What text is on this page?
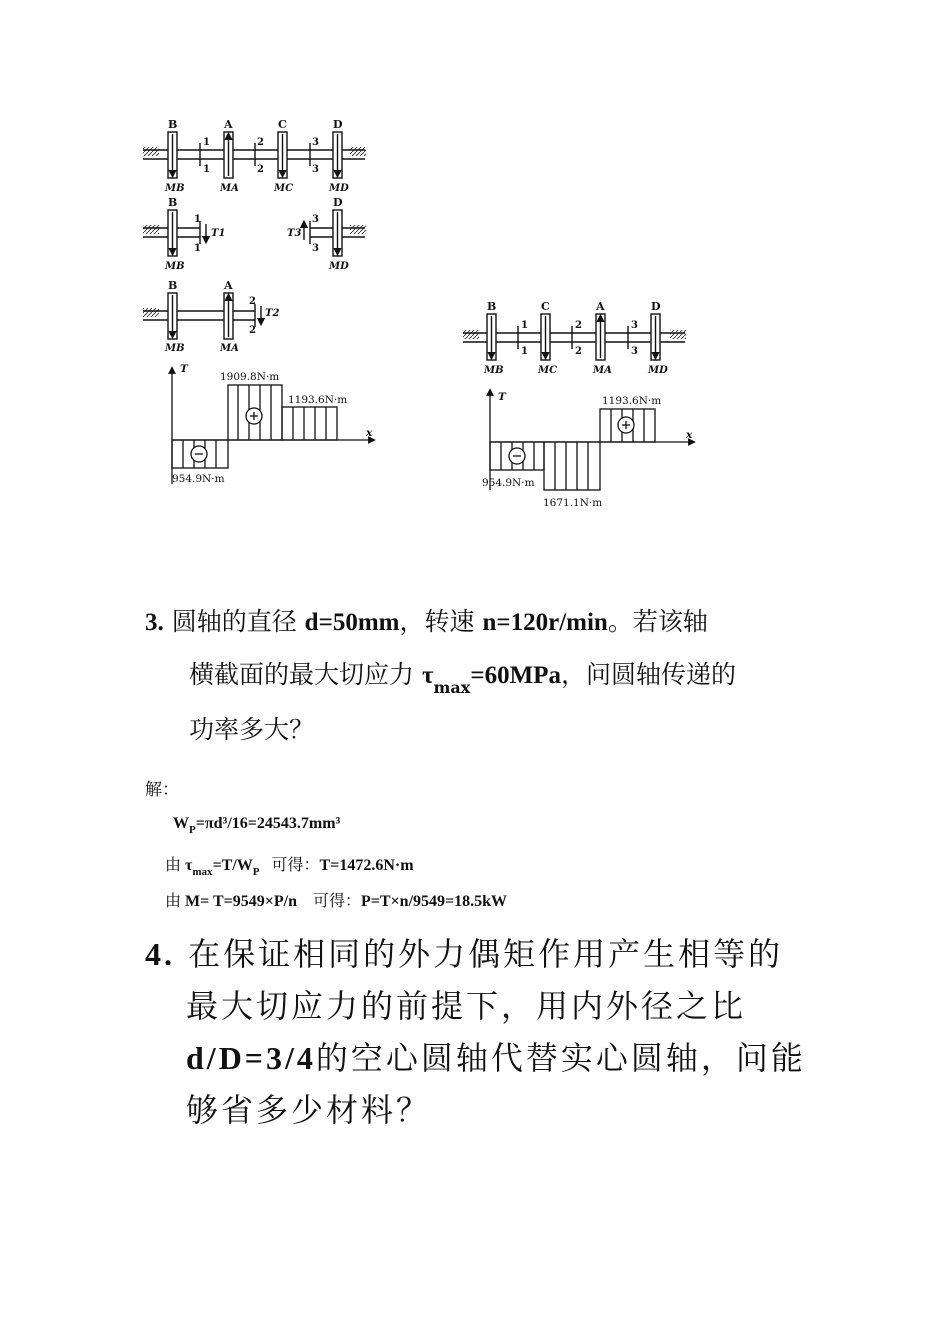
B	A	C	D
1
1
2
2
3
3
MB	MA	MC	MD
B
1
1
T1
MB
D
3
3
T3
MD
B	A
2
2
T2
MB	MA
T
x
1909.8N·m
1193.6N·m
954.9N·m
B	C	A	D
1
1
2
2
3
3
MB	MC	MA	MD
T
x
1193.6N·m
954.9N·m
1671.1N·m
3. 圆轴的直径 d=50mm，转速 n=120r/min。若该轴
横截面的最大切应力 $\tau_{max}=60MPa$，问圆轴传递的
功率多大？
解：
$W_P=\pi d^3/16=24543.7mm^3$
由 $\tau_{max}=T/W_P$ 可得：T=1472.6N·m
由 M= T=9549×P/n 可得：P=T×n/9549=18.5kW
4. 在保证相同的外力偶矩作用产生相等的
最大切应力的前提下，用内外径之比
d/D=3/4的空心圆轴代替实心圆轴，问能
够省多少材料？
